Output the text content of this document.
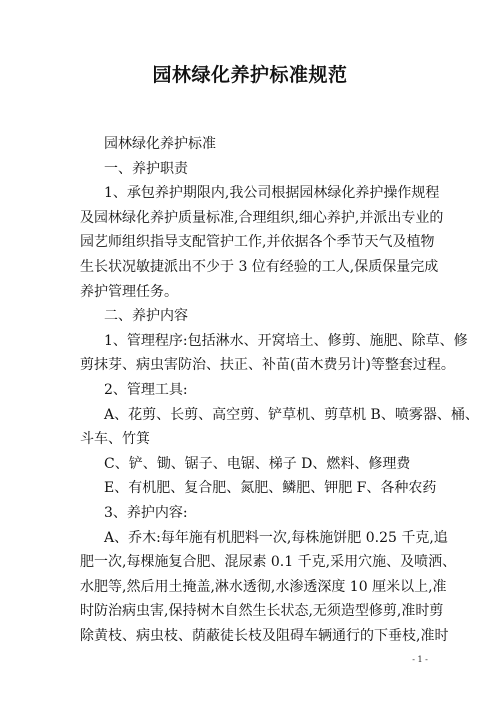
园林绿化养护标准规范
园林绿化养护标准
一、养护职责
1、承包养护期限内,我公司根据园林绿化养护操作规程
及园林绿化养护质量标准,合理组织,细心养护,并派出专业的
园艺师组织指导支配管护工作,并依据各个季节天气及植物
生长状况敏捷派出不少于 3 位有经验的工人,保质保量完成
养护管理任务。
二、养护内容
1、管理程序:包括淋水、开窝培土、修剪、施肥、除草、修
剪抹芽、病虫害防治、扶正、补苗(苗木费另计)等整套过程。
2、管理工具:
A、花剪、长剪、高空剪、铲草机、剪草机 B、喷雾器、桶、
斗车、竹箕
C、铲、锄、锯子、电锯、梯子 D、燃料、修理费
E、有机肥、复合肥、氮肥、鳞肥、钾肥 F、各种农药
3、养护内容:
A、乔木:每年施有机肥料一次,每株施饼肥 0.25 千克,追
肥一次,每棵施复合肥、混尿素 0.1 千克,采用穴施、及喷洒、
水肥等,然后用土掩盖,淋水透彻,水渗透深度 10 厘米以上,准
时防治病虫害,保持树木自然生长状态,无须造型修剪,准时剪
除黄枝、病虫枝、荫蔽徒长枝及阻碍车辆通行的下垂枝,准时
- 1 -
